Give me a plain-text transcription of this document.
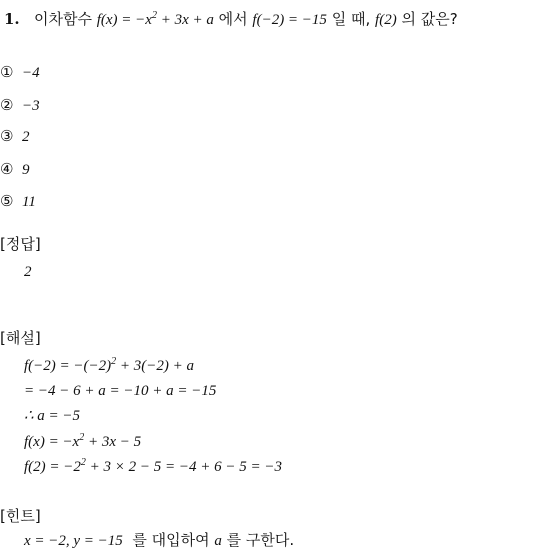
1. 이차함수 $f(x) = -x^2 + 3x + a$ 에서 f(−2) = −15 일 때, f(2) 의 값은?
① −4
② −3
③ 2
④ 9
⑤ 11
[정답]
2
[해설]
$f(-2) = -(-2)^2 + 3(-2) + a$
= −4 − 6 + a = −10 + a = −15
∴ a = −5
$f(x) = -x^2 + 3x - 5$
$f(2) = -2^2 + 3 \times 2 - 5 = -4 + 6 - 5 = -3$
[힌트]
x = −2, y = −15 를 대입하여 a 를 구한다.
